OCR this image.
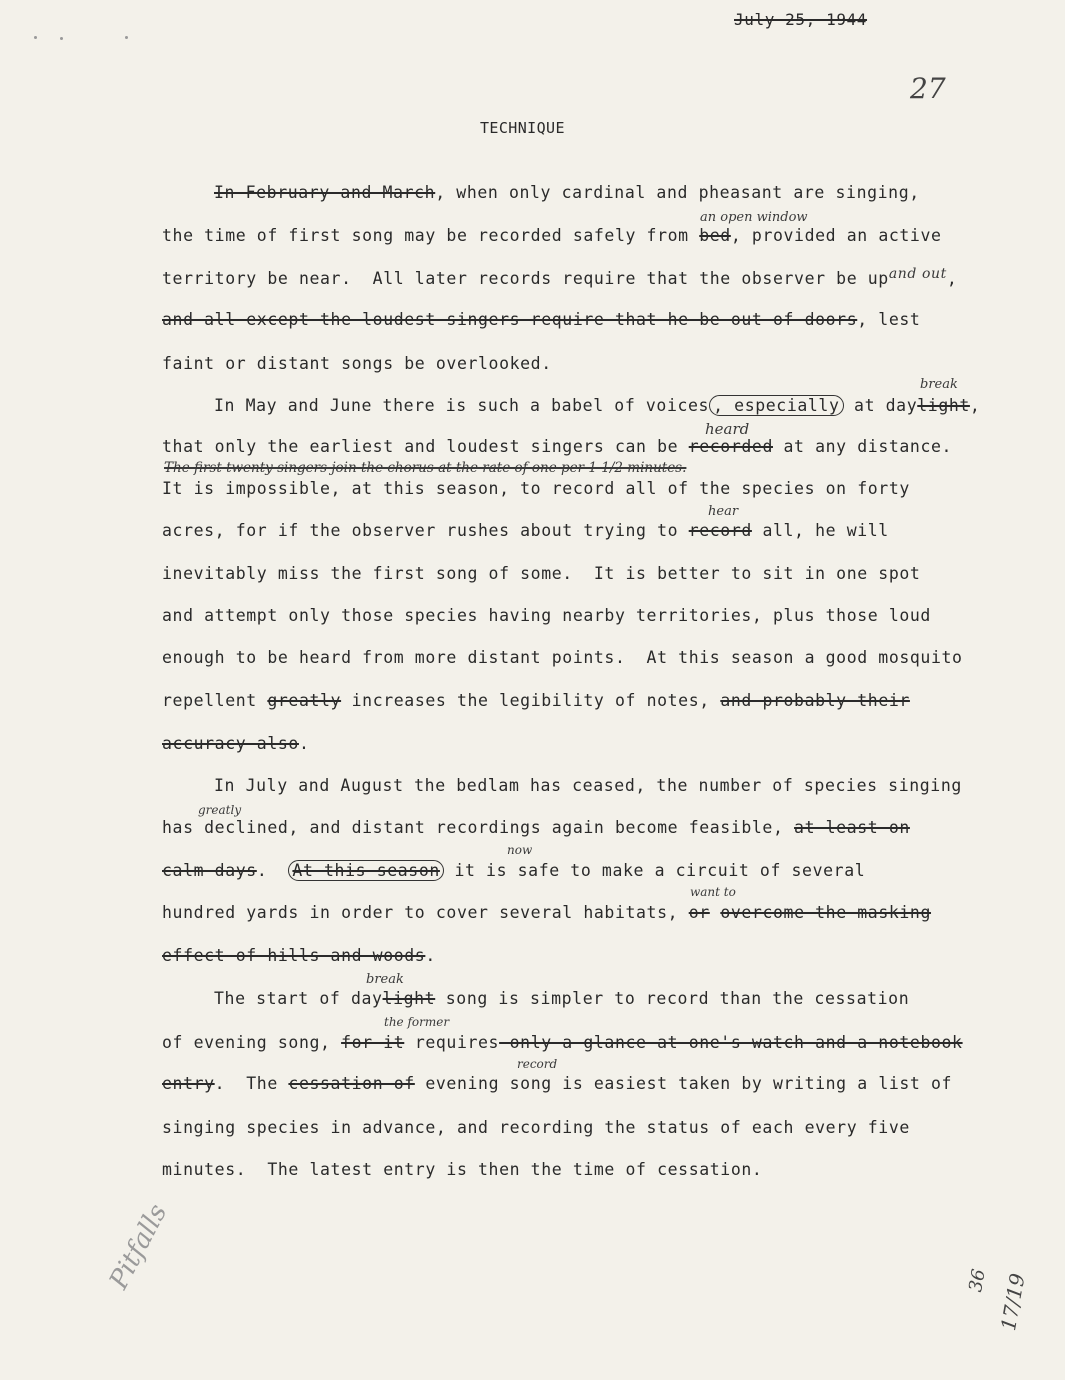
July 25, 1944
27
TECHNIQUE
In February and March, when only cardinal and pheasant are singing,
an open window
the time of first song may be recorded safely from bed, provided an active
territory be near.  All later records require that the observer be $up^{and out}$,
and all except the loudest singers require that he be out-of-doors, lest
faint or distant songs be overlooked.
break
In May and June there is such a babel of voices , especially at daylight,
heard
that only the earliest and loudest singers can be recorded at any distance.
The first twenty singers join the chorus at the rate of one per 1 1/2 minutes.
It is impossible, at this season, to record all of the species on forty
hear
acres, for if the observer rushes about trying to record all, he will
inevitably miss the first song of some.  It is better to sit in one spot
and attempt only those species having nearby territories, plus those loud
enough to be heard from more distant points.  At this season a good mosquito
repellent greatly increases the legibility of notes, and probably their
accuracy also.
In July and August the bedlam has ceased, the number of species singing
greatly
has declined, and distant recordings again become feasible, at least on
now
calm days.  At this season it is safe to make a circuit of several
want to
hundred yards in order to cover several habitats, or overcome the masking
effect of hills and woods.
break
The start of daylight song is simpler to record than the cessation
the former
of evening song, for it requires only a glance at one's watch and a notebook
record
entry.  The cessation of evening song is easiest taken by writing a list of
singing species in advance, and recording the status of each every five
minutes.  The latest entry is then the time of cessation.
Pitfalls	36 17/19
